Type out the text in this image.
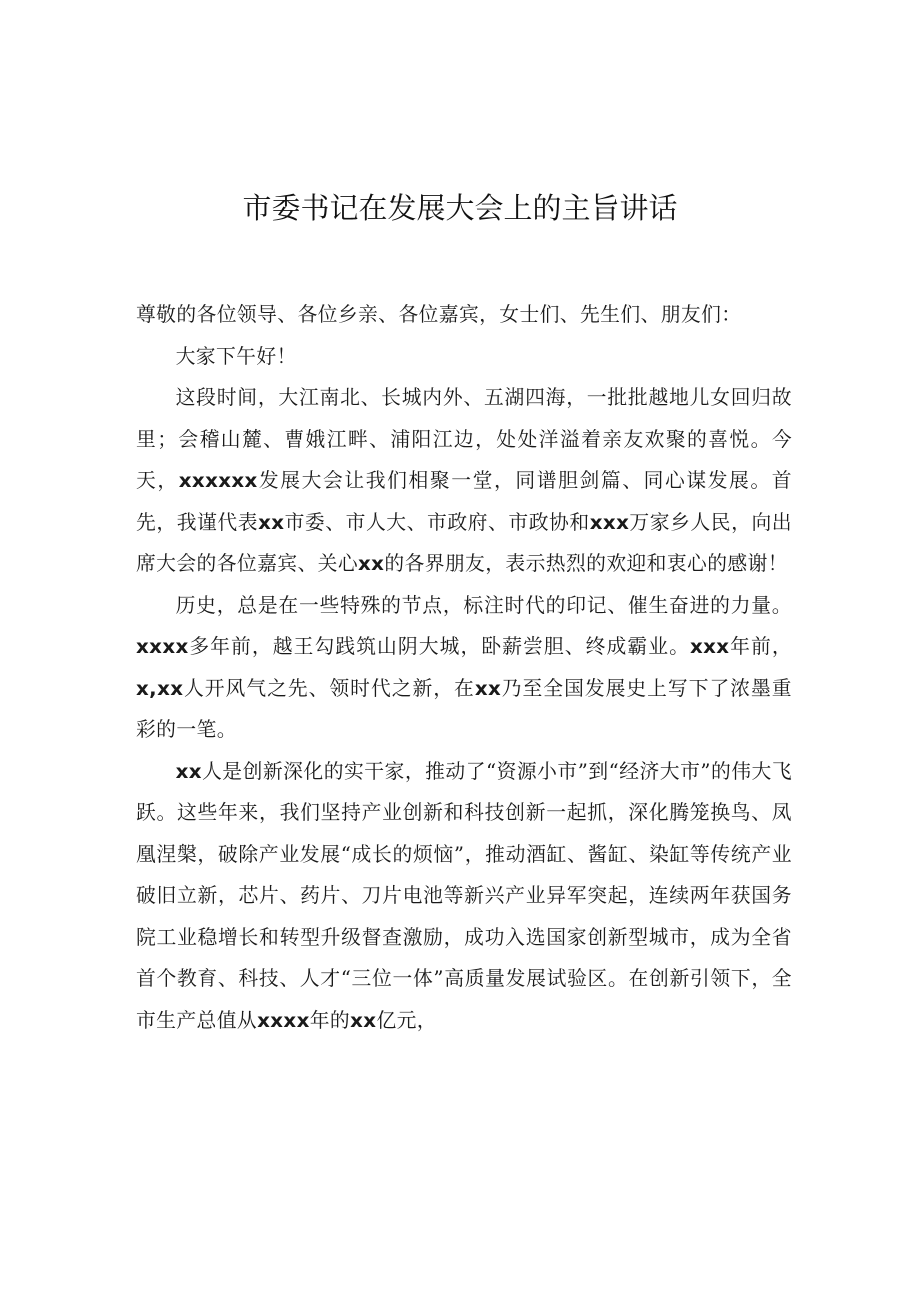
市委书记在发展大会上的主旨讲话

尊敬的各位领导、各位乡亲、各位嘉宾，女士们、先生们、朋友们：

大家下午好！

这段时间，大江南北、长城内外、五湖四海，一批批越地儿女回归故里；会稽山麓、曹娥江畔、浦阳江边，处处洋溢着亲友欢聚的喜悦。今天，xxxxxx发展大会让我们相聚一堂，同谱胆剑篇、同心谋发展。首先，我谨代表xx市委、市人大、市政府、市政协和xxx万家乡人民，向出席大会的各位嘉宾、关心xx的各界朋友，表示热烈的欢迎和衷心的感谢！

历史，总是在一些特殊的节点，标注时代的印记、催生奋进的力量。xxxx多年前，越王勾践筑山阴大城，卧薪尝胆、终成霸业。xxx年前，x,xx人开风气之先、领时代之新，在xx乃至全国发展史上写下了浓墨重彩的一笔。

xx人是创新深化的实干家，推动了“资源小市”到“经济大市”的伟大飞跃。这些年来，我们坚持产业创新和科技创新一起抓，深化腾笼换鸟、凤凰涅槃，破除产业发展“成长的烦恼”，推动酒缸、酱缸、染缸等传统产业破旧立新，芯片、药片、刀片电池等新兴产业异军突起，连续两年获国务院工业稳增长和转型升级督查激励，成功入选国家创新型城市，成为全省首个教育、科技、人才“三位一体”高质量发展试验区。在创新引领下，全市生产总值从xxxx年的xx亿元，
